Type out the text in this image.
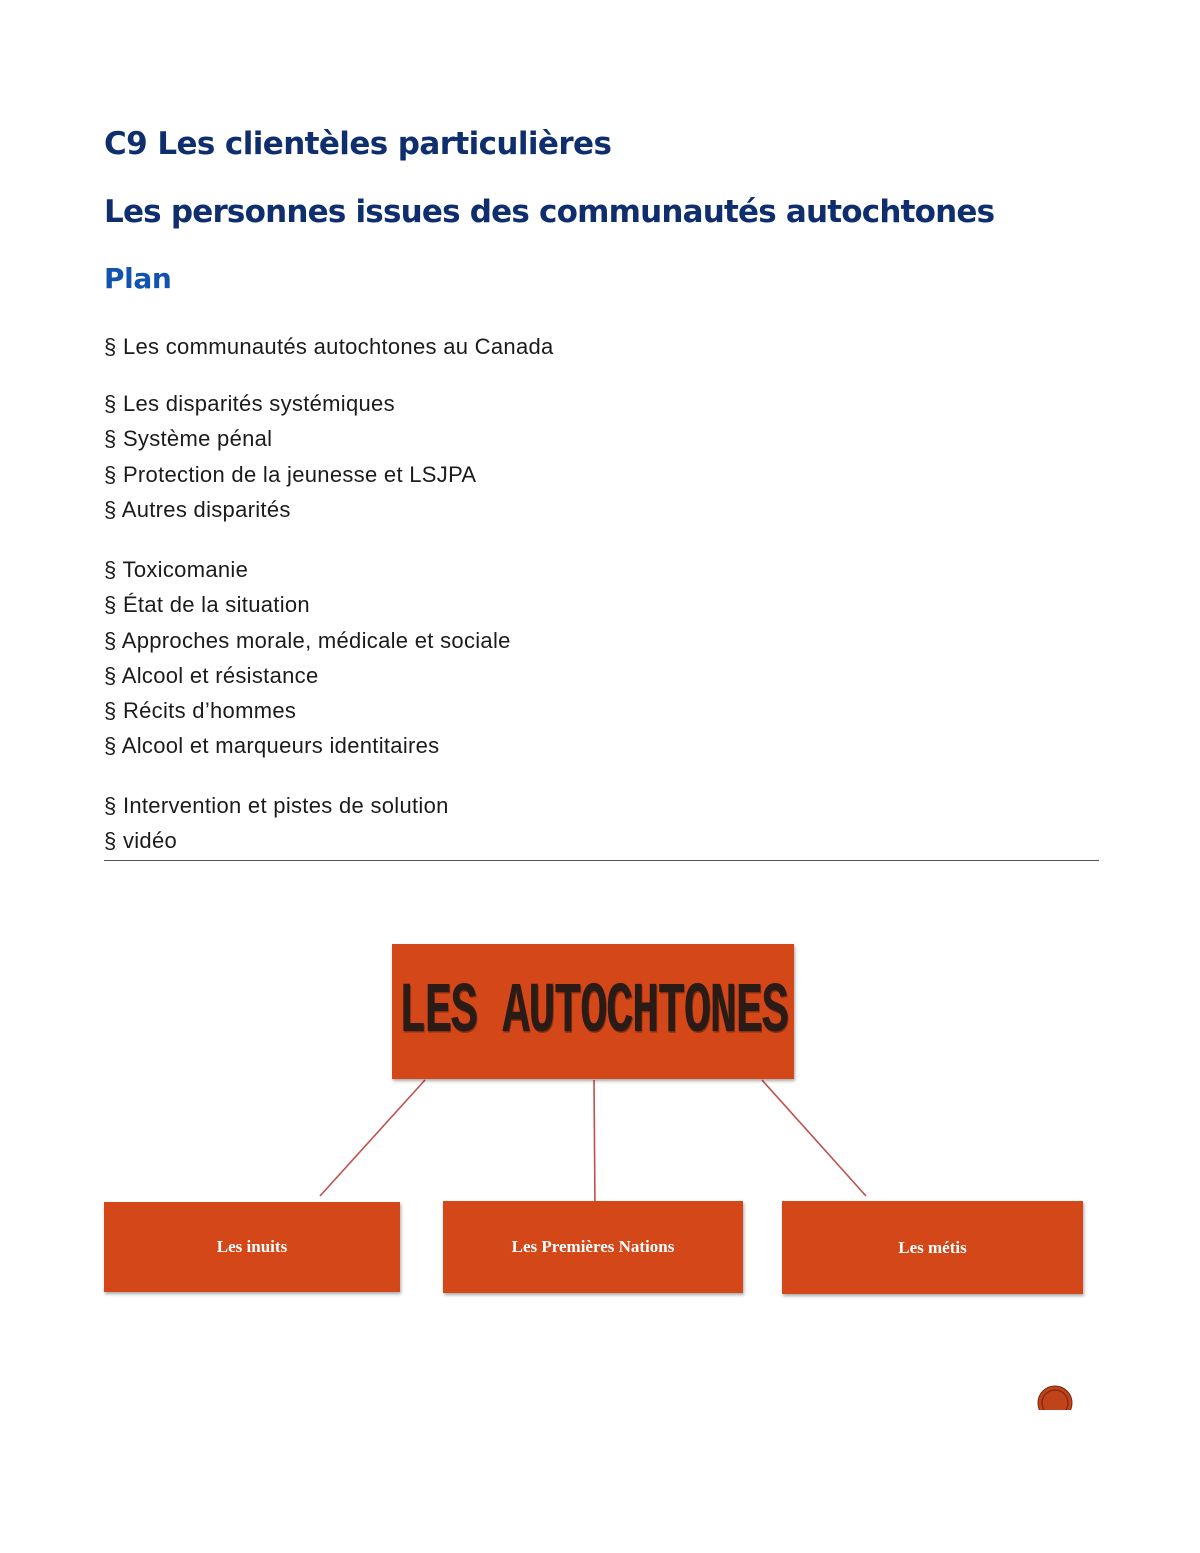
C9 Les clientèles particulières
Les personnes issues des communautés autochtones
Plan
§ Les communautés autochtones au Canada
§ Les disparités systémiques
§ Système pénal
§ Protection de la jeunesse et LSJPA
§ Autres disparités
§ Toxicomanie
§ État de la situation
§ Approches morale, médicale et sociale
§ Alcool et résistance
§ Récits d’hommes
§ Alcool et marqueurs identitaires
§ Intervention et pistes de solution
§ vidéo
LES AUTOCHTONES
Les inuits	Les Premières Nations	Les métis
